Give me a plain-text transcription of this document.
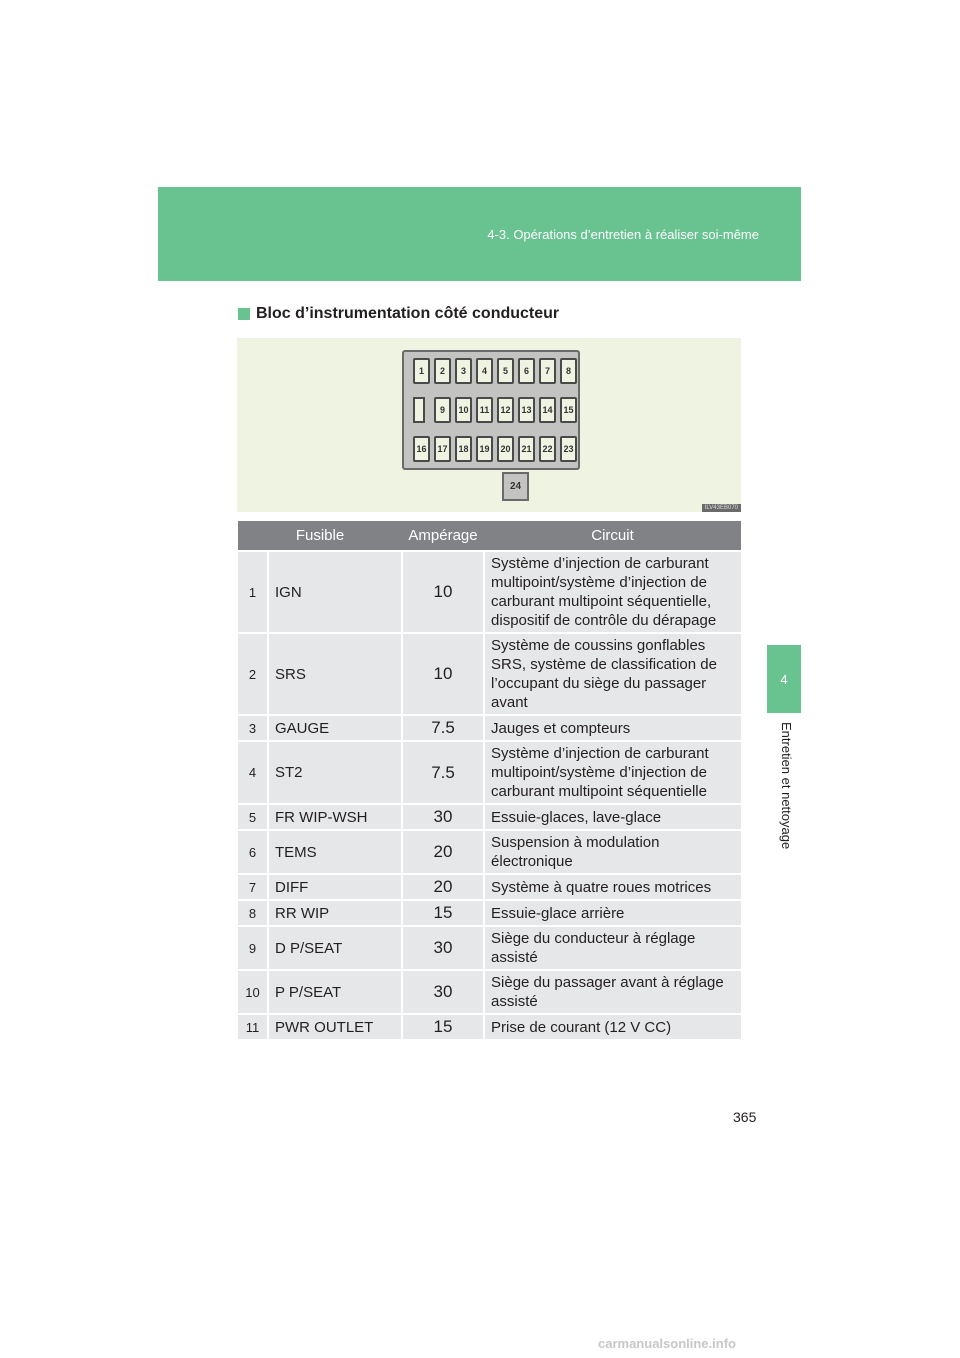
4-3. Opérations d’entretien à réaliser soi-même
4
Entretien et nettoyage
Bloc d’instrumentation côté conducteur
1	2	3	4	5	6	7	8
9	10	11	12	13	14	15
16	17	18	19	20	21	22	23
24
ILV43EB070
Fusible		Ampérage	Circuit
1	IGN	10	Système d’injection de carburant multipoint/système d’injection de carburant multipoint séquentielle, dispositif de contrôle du dérapage
2	SRS	10	Système de coussins gonflables SRS, système de classification de l’occupant du siège du passager avant
3	GAUGE	7.5	Jauges et compteurs
4	ST2	7.5	Système d’injection de carburant multipoint/système d’injection de carburant multipoint séquentielle
5	FR WIP-WSH	30	Essuie-glaces, lave-glace
6	TEMS	20	Suspension à modulation électronique
7	DIFF	20	Système à quatre roues motrices
8	RR WIP	15	Essuie-glace arrière
9	D P/SEAT	30	Siège du conducteur à réglage assisté
10	P P/SEAT	30	Siège du passager avant à réglage assisté
11	PWR OUTLET	15	Prise de courant (12 V CC)
365
carmanualsonline.info
